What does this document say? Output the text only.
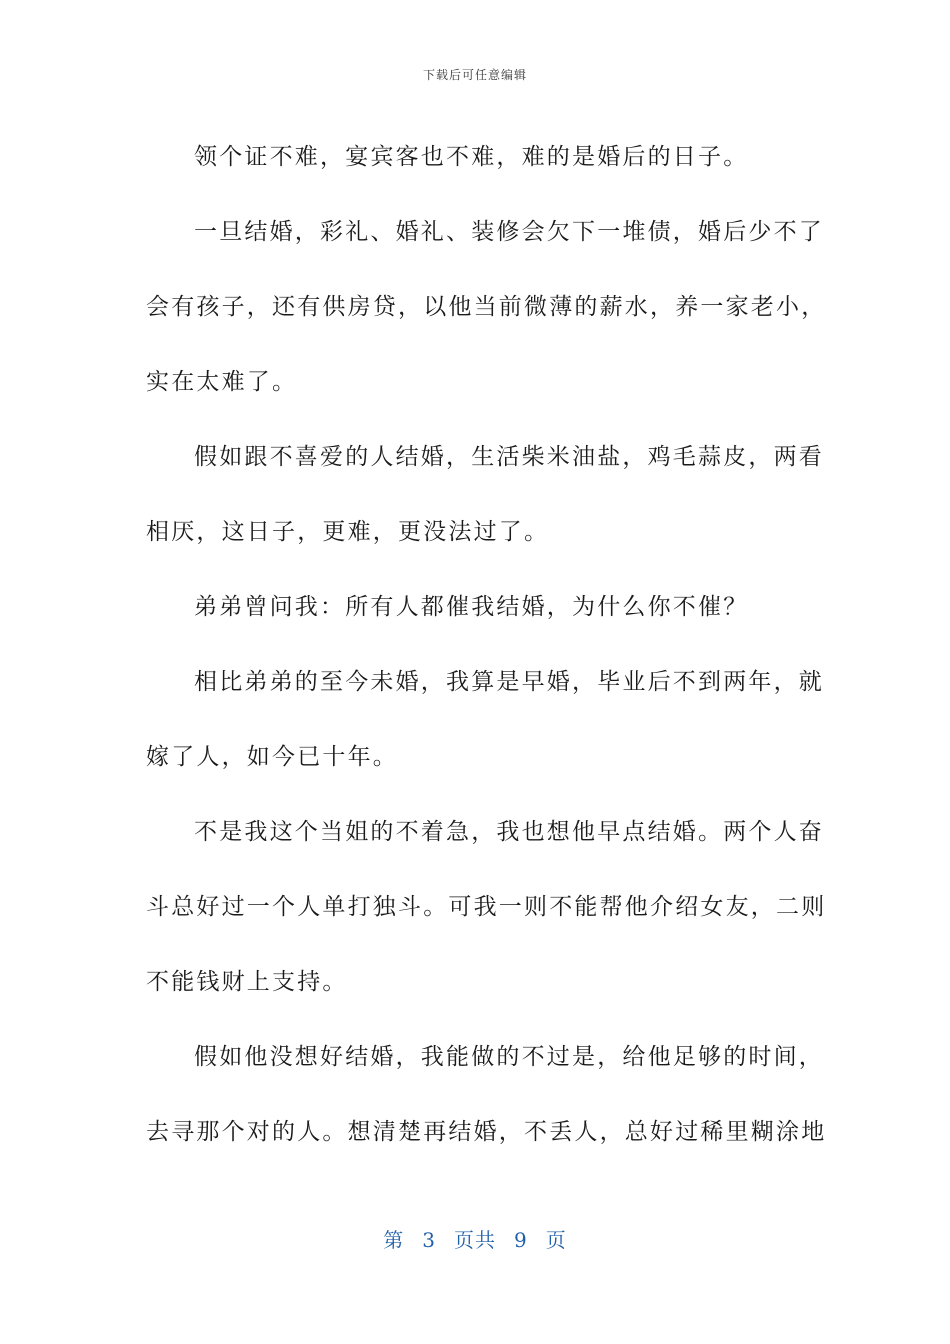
下载后可任意编辑
领个证不难，宴宾客也不难，难的是婚后的日子。
一旦结婚，彩礼、婚礼、装修会欠下一堆债，婚后少不了
会有孩子，还有供房贷，以他当前微薄的薪水，养一家老小，
实在太难了。
假如跟不喜爱的人结婚，生活柴米油盐，鸡毛蒜皮，两看
相厌，这日子，更难，更没法过了。
弟弟曾问我：所有人都催我结婚，为什么你不催？
相比弟弟的至今未婚，我算是早婚，毕业后不到两年，就
嫁了人，如今已十年。
不是我这个当姐的不着急，我也想他早点结婚。两个人奋
斗总好过一个人单打独斗。可我一则不能帮他介绍女友，二则
不能钱财上支持。
假如他没想好结婚，我能做的不过是，给他足够的时间，
去寻那个对的人。想清楚再结婚，不丢人，总好过稀里糊涂地
第 3 页共 9 页
